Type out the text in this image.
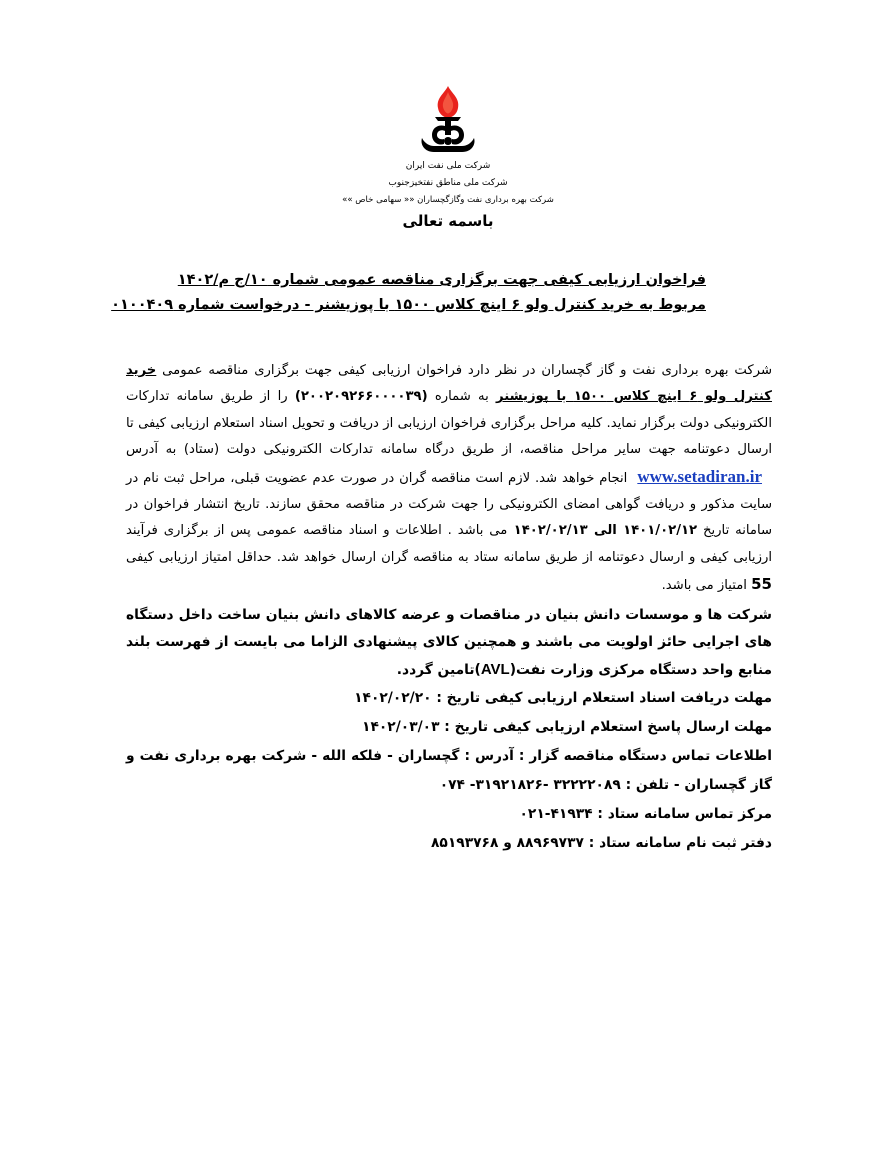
شرکت ملی نفت ایران
شرکت ملی مناطق نفتخیزجنوب
شرکت بهره برداری نفت وگازگچساران «« سهامی خاص »»
باسمه تعالی
فراخوان ارزیابی کیفی جهت برگزاری مناقصه عمومی شماره ۱۰/ج م/۱۴۰۲
مربوط به خرید کنترل ولو ۶ اینچ کلاس ۱۵۰۰ با پوزیشنر - درخواست شماره ۰۱۰۰۴۰۹

شرکت بهره برداری نفت و گاز گچساران در نظر دارد فراخوان ارزیابی کیفی جهت برگزاری مناقصه عمومی خرید کنترل ولو ۶ اینچ کلاس ۱۵۰۰ با پوزیشنر به شماره (۲۰۰۲۰۹۲۶۶۰۰۰۰۳۹) را از طریق سامانه تدارکات الکترونیکی دولت برگزار نماید. کلیه مراحل برگزاری فراخوان ارزیابی از دریافت و تحویل اسناد استعلام ارزیابی کیفی تا ارسال دعوتنامه جهت سایر مراحل مناقصه، از طریق درگاه سامانه تدارکات الکترونیکی دولت (ستاد) به آدرسwww.setadiran.irانجام خواهد شد. لازم است مناقصه گران در صورت عدم عضویت قبلی، مراحل ثبت نام در سایت مذکور و دریافت گواهی امضای الکترونیکی را جهت شرکت در مناقصه محقق سازند. تاریخ انتشار فراخوان در سامانه تاریخ ۱۴۰۱/۰۲/۱۲ الی ۱۴۰۲/۰۲/۱۳ می باشد . اطلاعات و اسناد مناقصه عمومی پس از برگزاری فرآیند ارزیابی کیفی و ارسال دعوتنامه از طریق سامانه ستاد به مناقصه گران ارسال خواهد شد. حداقل امتیاز ارزیابی کیفی 55 امتیاز می باشد.

شرکت ها و موسسات دانش بنیان در مناقصات و عرضه کالاهای دانش بنیان ساخت داخل دستگاه های اجرایی حائز اولویت می باشند و همچنین کالای پیشنهادی الزاما می بایست از فهرست بلند منابع واحد دستگاه مرکزی وزارت نفت(AVL)تامین گردد.

مهلت دریافت اسناد استعلام ارزیابی کیفی تاریخ : ۱۴۰۲/۰۲/۲۰

مهلت ارسال پاسخ استعلام ارزیابی کیفی تاریخ : ۱۴۰۲/۰۳/۰۳

اطلاعات تماس دستگاه مناقصه گزار : آدرس : گچساران - فلکه الله - شرکت بهره برداری نفت و گاز گچساران - تلفن : ۳۲۲۲۲۰۸۹ -۳۱۹۲۱۸۲۶- ۰۷۴

مرکز تماس سامانه ستاد : ۴۱۹۳۴-۰۲۱

دفتر ثبت نام سامانه ستاد : ۸۸۹۶۹۷۳۷ و ۸۵۱۹۳۷۶۸
